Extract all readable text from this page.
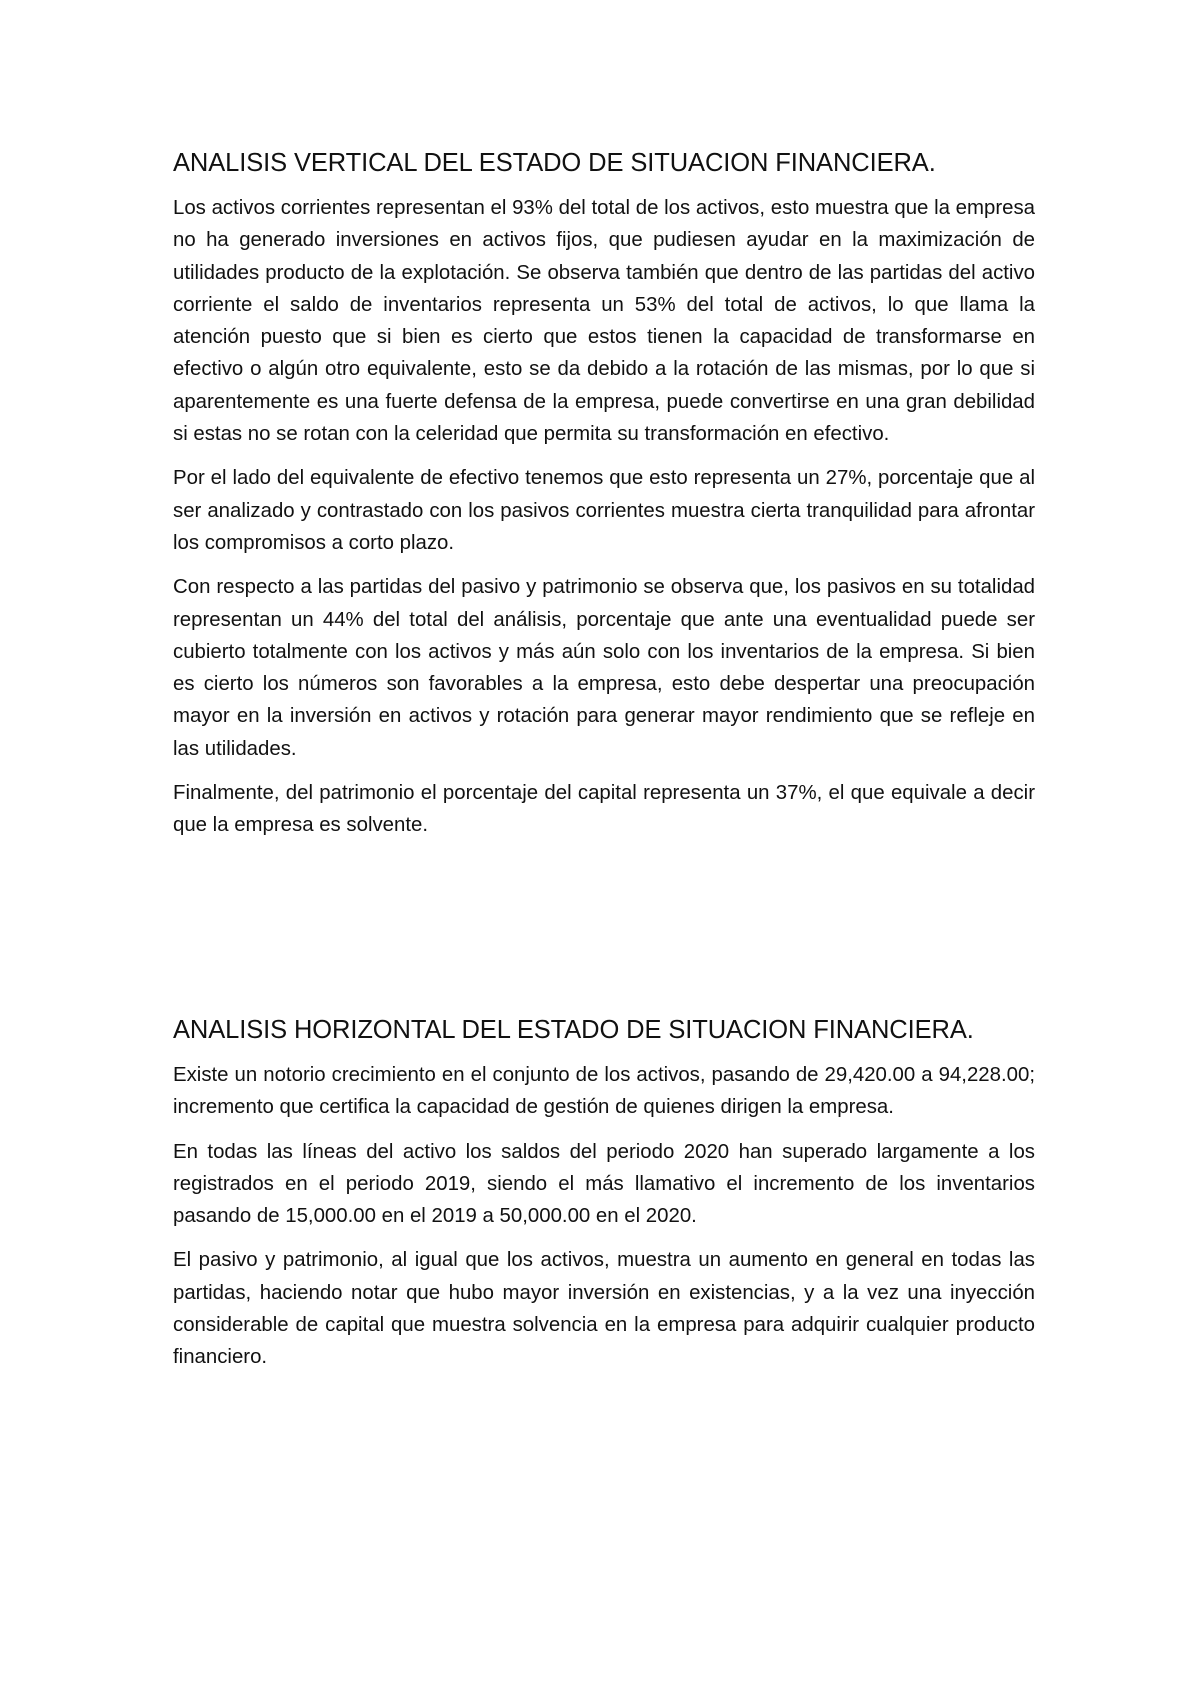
ANALISIS VERTICAL DEL ESTADO DE SITUACION FINANCIERA.

Los activos corrientes representan el 93% del total de los activos, esto muestra que la empresa no ha generado inversiones en activos fijos, que pudiesen ayudar en la maximización de utilidades producto de la explotación. Se observa también que dentro de las partidas del activo corriente el saldo de inventarios representa un 53% del total de activos, lo que llama la atención puesto que si bien es cierto que estos tienen la capacidad de transformarse en efectivo o algún otro equivalente, esto se da debido a la rotación de las mismas, por lo que si aparentemente es una fuerte defensa de la empresa, puede convertirse en una gran debilidad si estas no se rotan con la celeridad que permita su transformación en efectivo.

Por el lado del equivalente de efectivo tenemos que esto representa un 27%, porcentaje que al ser analizado y contrastado con los pasivos corrientes muestra cierta tranquilidad para afrontar los compromisos a corto plazo.

Con respecto a las partidas del pasivo y patrimonio se observa que, los pasivos en su totalidad representan un 44% del total del análisis, porcentaje que ante una eventualidad puede ser cubierto totalmente con los activos y más aún solo con los inventarios de la empresa. Si bien es cierto los números son favorables a la empresa, esto debe despertar una preocupación mayor en la inversión en activos y rotación para generar mayor rendimiento que se refleje en las utilidades.

Finalmente, del patrimonio el porcentaje del capital representa un 37%, el que equivale a decir que la empresa es solvente.

ANALISIS HORIZONTAL DEL ESTADO DE SITUACION FINANCIERA.

Existe un notorio crecimiento en el conjunto de los activos, pasando de 29,420.00 a 94,228.00; incremento que certifica la capacidad de gestión de quienes dirigen la empresa.

En todas las líneas del activo los saldos del periodo 2020 han superado largamente a los registrados en el periodo 2019, siendo el más llamativo el incremento de los inventarios pasando de 15,000.00 en el 2019 a 50,000.00 en el 2020.

El pasivo y patrimonio, al igual que los activos, muestra un aumento en general en todas las partidas, haciendo notar que hubo mayor inversión en existencias, y a la vez una inyección considerable de capital que muestra solvencia en la empresa para adquirir cualquier producto financiero.
